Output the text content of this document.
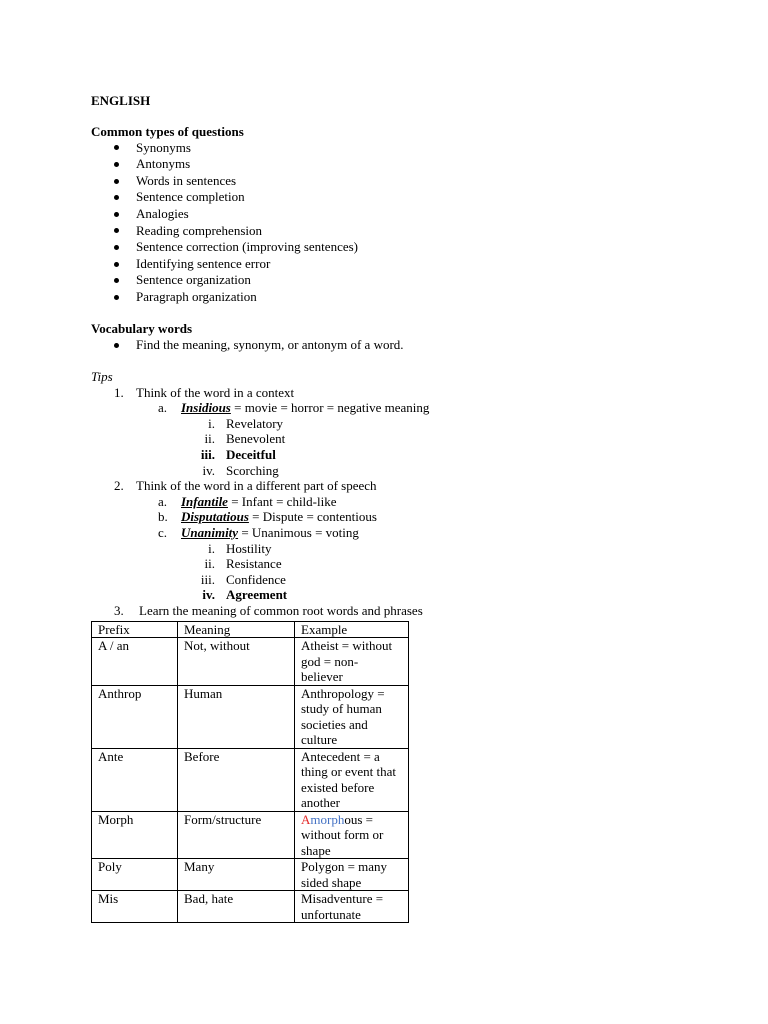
ENGLISH
Common types of questions
Synonyms
Antonyms
Words in sentences
Sentence completion
Analogies
Reading comprehension
Sentence correction (improving sentences)
Identifying sentence error
Sentence organization
Paragraph organization
Vocabulary words
Find the meaning, synonym, or antonym of a word.
Tips
1. Think of the word in a context
a. Insidious = movie = horror = negative meaning
i. Revelatory
ii. Benevolent
iii. Deceitful
iv. Scorching
2. Think of the word in a different part of speech
a. Infantile = Infant = child-like
b. Disputatious = Dispute = contentious
c. Unanimity = Unanimous = voting
i. Hostility
ii. Resistance
iii. Confidence
iv. Agreement
3. Learn the meaning of common root words and phrases
Prefix	Meaning	Example
A / an	Not, without	Atheist = without god = non-believer

Anthrop	Human	Anthropology = study of human societies and culture

Ante	Before	Antecedent = a thing or event that existed before another

Morph	Form/structure	Amorphous = without form or shape

Poly	Many	Polygon = many sided shape

Mis	Bad, hate	Misadventure = unfortunate
